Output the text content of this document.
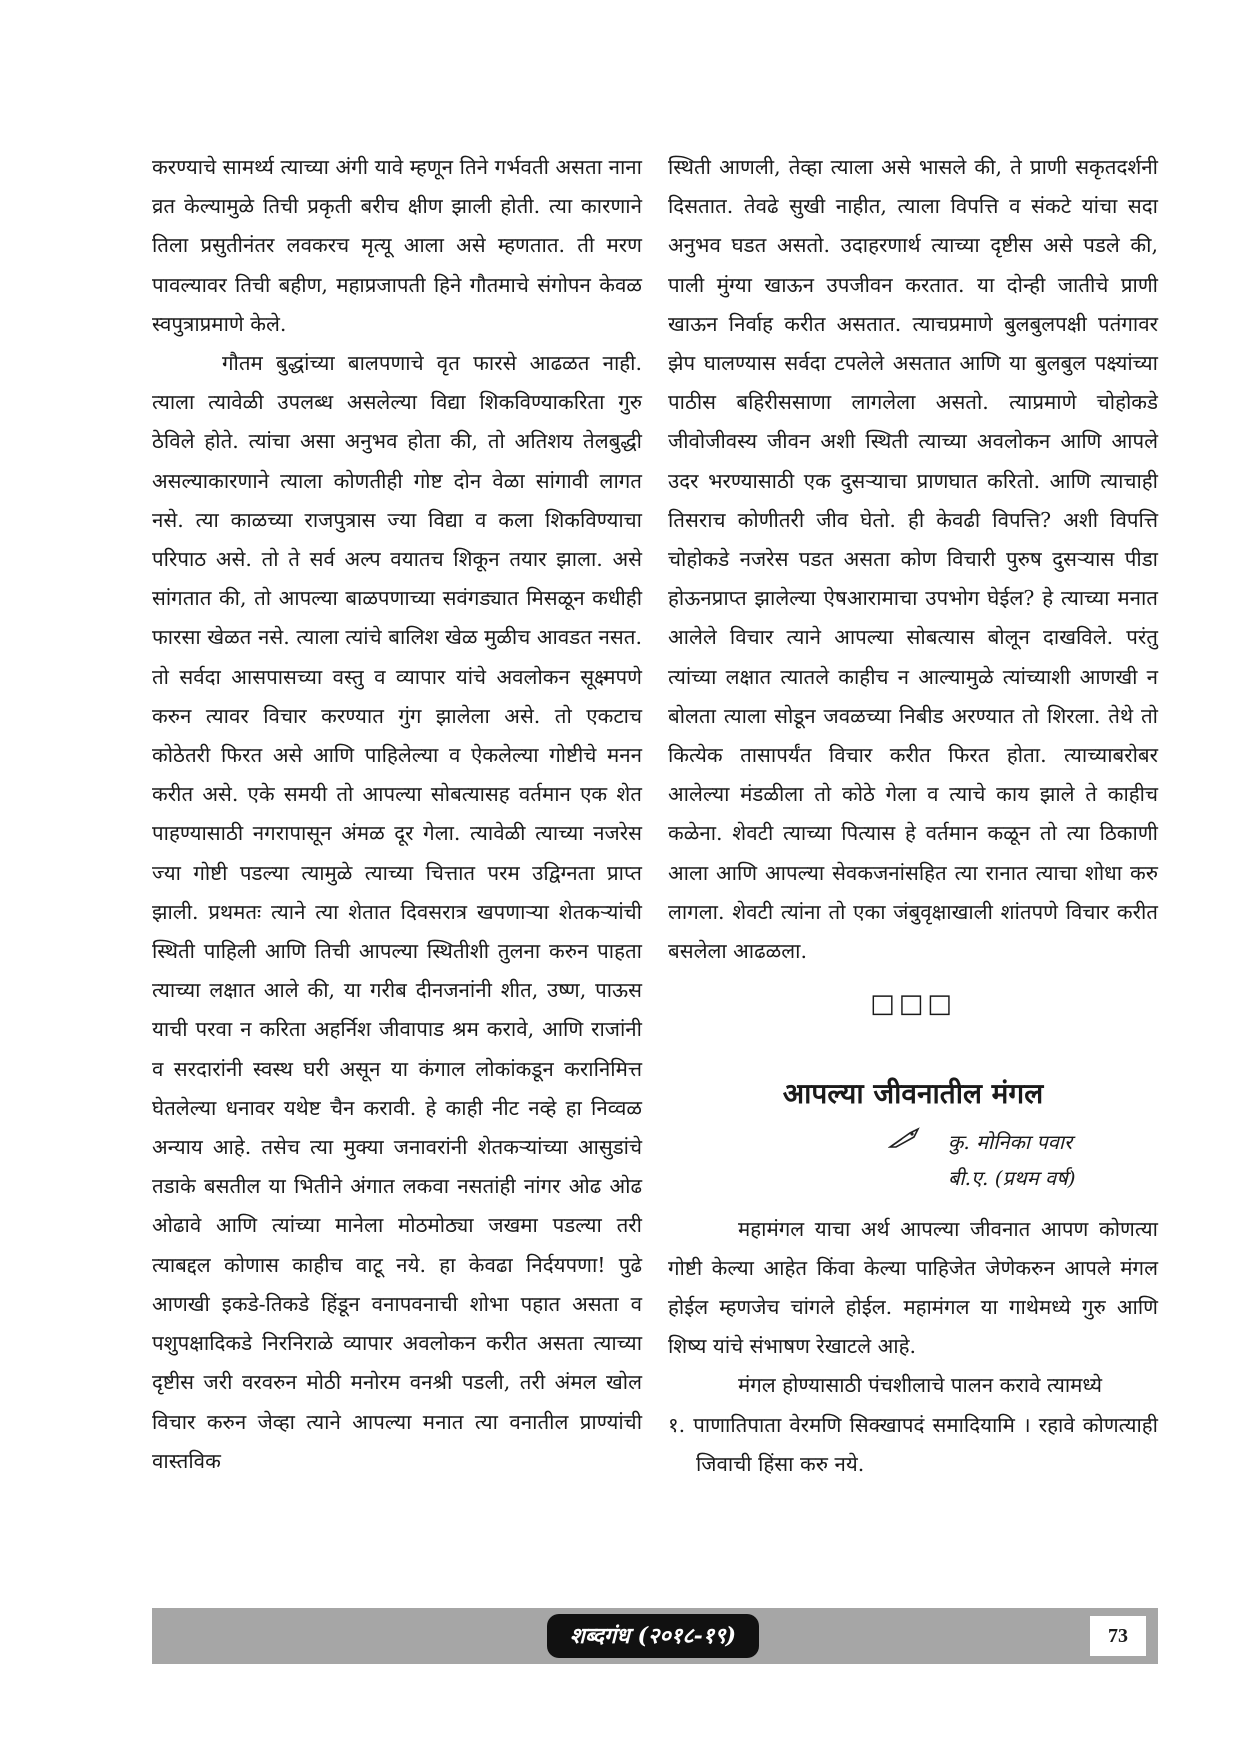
करण्याचे सामर्थ्य त्याच्या अंगी यावे म्हणून तिने गर्भवती असता नाना व्रत केल्यामुळे तिची प्रकृती बरीच क्षीण झाली होती. त्या कारणाने तिला प्रसुतीनंतर लवकरच मृत्यू आला असे म्हणतात. ती मरण पावल्यावर तिची बहीण, महाप्रजापती हिने गौतमाचे संगोपन केवळ स्वपुत्राप्रमाणे केले.

गौतम बुद्धांच्या बालपणाचे वृत फारसे आढळत नाही. त्याला त्यावेळी उपलब्ध असलेल्या विद्या शिकविण्याकरिता गुरु ठेविले होते. त्यांचा असा अनुभव होता की, तो अतिशय तेलबुद्धी असल्याकारणाने त्याला कोणतीही गोष्ट दोन वेळा सांगावी लागत नसे. त्या काळच्या राजपुत्रास ज्या विद्या व कला शिकविण्याचा परिपाठ असे. तो ते सर्व अल्प वयातच शिकून तयार झाला. असे सांगतात की, तो आपल्या बाळपणाच्या सवंगड्यात मिसळून कधीही फारसा खेळत नसे. त्याला त्यांचे बालिश खेळ मुळीच आवडत नसत. तो सर्वदा आसपासच्या वस्तु व व्यापार यांचे अवलोकन सूक्ष्मपणे करुन त्यावर विचार करण्यात गुंग झालेला असे. तो एकटाच कोठेतरी फिरत असे आणि पाहिलेल्या व ऐकलेल्या गोष्टीचे मनन करीत असे. एके समयी तो आपल्या सोबत्यासह वर्तमान एक शेत पाहण्यासाठी नगरापासून अंमळ दूर गेला. त्यावेळी त्याच्या नजरेस ज्या गोष्टी पडल्या त्यामुळे त्याच्या चित्तात परम उद्विग्नता प्राप्त झाली. प्रथमतः त्याने त्या शेतात दिवसरात्र खपणाऱ्या शेतकऱ्यांची स्थिती पाहिली आणि तिची आपल्या स्थितीशी तुलना करुन पाहता त्याच्या लक्षात आले की, या गरीब दीनजनांनी शीत, उष्ण, पाऊस याची परवा न करिता अहर्निश जीवापाड श्रम करावे, आणि राजांनी व सरदारांनी स्वस्थ घरी असून या कंगाल लोकांकडून करानिमित्त घेतलेल्या धनावर यथेष्ट चैन करावी. हे काही नीट नव्हे हा निव्वळ अन्याय आहे. तसेच त्या मुक्या जनावरांनी शेतकऱ्यांच्या आसुडांचे तडाके बसतील या भितीने अंगात लकवा नसतांही नांगर ओढ ओढ ओढावे आणि त्यांच्या मानेला मोठमोठ्या जखमा पडल्या तरी त्याबद्दल कोणास काहीच वाटू नये. हा केवढा निर्दयपणा! पुढे आणखी इकडे-तिकडे हिंडून वनापवनाची शोभा पहात असता व पशुपक्षादिकडे निरनिराळे व्यापार अवलोकन करीत असता त्याच्या दृष्टीस जरी वरवरुन मोठी मनोरम वनश्री पडली, तरी अंमल खोल विचार करुन जेव्हा त्याने आपल्या मनात त्या वनातील प्राण्यांची वास्तविक

स्थिती आणली, तेव्हा त्याला असे भासले की, ते प्राणी सकृतदर्शनी दिसतात. तेवढे सुखी नाहीत, त्याला विपत्ति व संकटे यांचा सदा अनुभव घडत असतो. उदाहरणार्थ त्याच्या दृष्टीस असे पडले की, पाली मुंग्या खाऊन उपजीवन करतात. या दोन्ही जातीचे प्राणी खाऊन निर्वाह करीत असतात. त्याचप्रमाणे बुलबुलपक्षी पतंगावर झेप घालण्यास सर्वदा टपलेले असतात आणि या बुलबुल पक्ष्यांच्या पाठीस बहिरीससाणा लागलेला असतो. त्याप्रमाणे चोहोकडे जीवोजीवस्य जीवन अशी स्थिती त्याच्या अवलोकन आणि आपले उदर भरण्यासाठी एक दुसऱ्याचा प्राणघात करितो. आणि त्याचाही तिसराच कोणीतरी जीव घेतो. ही केवढी विपत्ति? अशी विपत्ति चोहोकडे नजरेस पडत असता कोण विचारी पुरुष दुसऱ्यास पीडा होऊनप्राप्त झालेल्या ऐषआरामाचा उपभोग घेईल? हे त्याच्या मनात आलेले विचार त्याने आपल्या सोबत्यास बोलून दाखविले. परंतु त्यांच्या लक्षात त्यातले काहीच न आल्यामुळे त्यांच्याशी आणखी न बोलता त्याला सोडून जवळच्या निबीड अरण्यात तो शिरला. तेथे तो कित्येक तासापर्यंत विचार करीत फिरत होता. त्याच्याबरोबर आलेल्या मंडळीला तो कोठे गेला व त्याचे काय झाले ते काहीच कळेना. शेवटी त्याच्या पित्यास हे वर्तमान कळून तो त्या ठिकाणी आला आणि आपल्या सेवकजनांसहित त्या रानात त्याचा शोधा करु लागला. शेवटी त्यांना तो एका जंबुवृक्षाखाली शांतपणे विचार करीत बसलेला आढळला.

□□□
आपल्या जीवनातील मंगल
कु. मोनिका पवार
बी.ए. (प्रथम वर्ष)

महामंगल याचा अर्थ आपल्या जीवनात आपण कोणत्या गोष्टी केल्या आहेत किंवा केल्या पाहिजेत जेणेकरुन आपले मंगल होईल म्हणजेच चांगले होईल. महामंगल या गाथेमध्ये गुरु आणि शिष्य यांचे संभाषण रेखाटले आहे.

मंगल होण्यासाठी पंचशीलाचे पालन करावे त्यामध्ये

१. पाणातिपाता वेरमणि सिक्खापदं समादियामि । रहावे कोणत्याही जिवाची हिंसा करु नये.

शब्दगंध (२०१८-१९)	73
